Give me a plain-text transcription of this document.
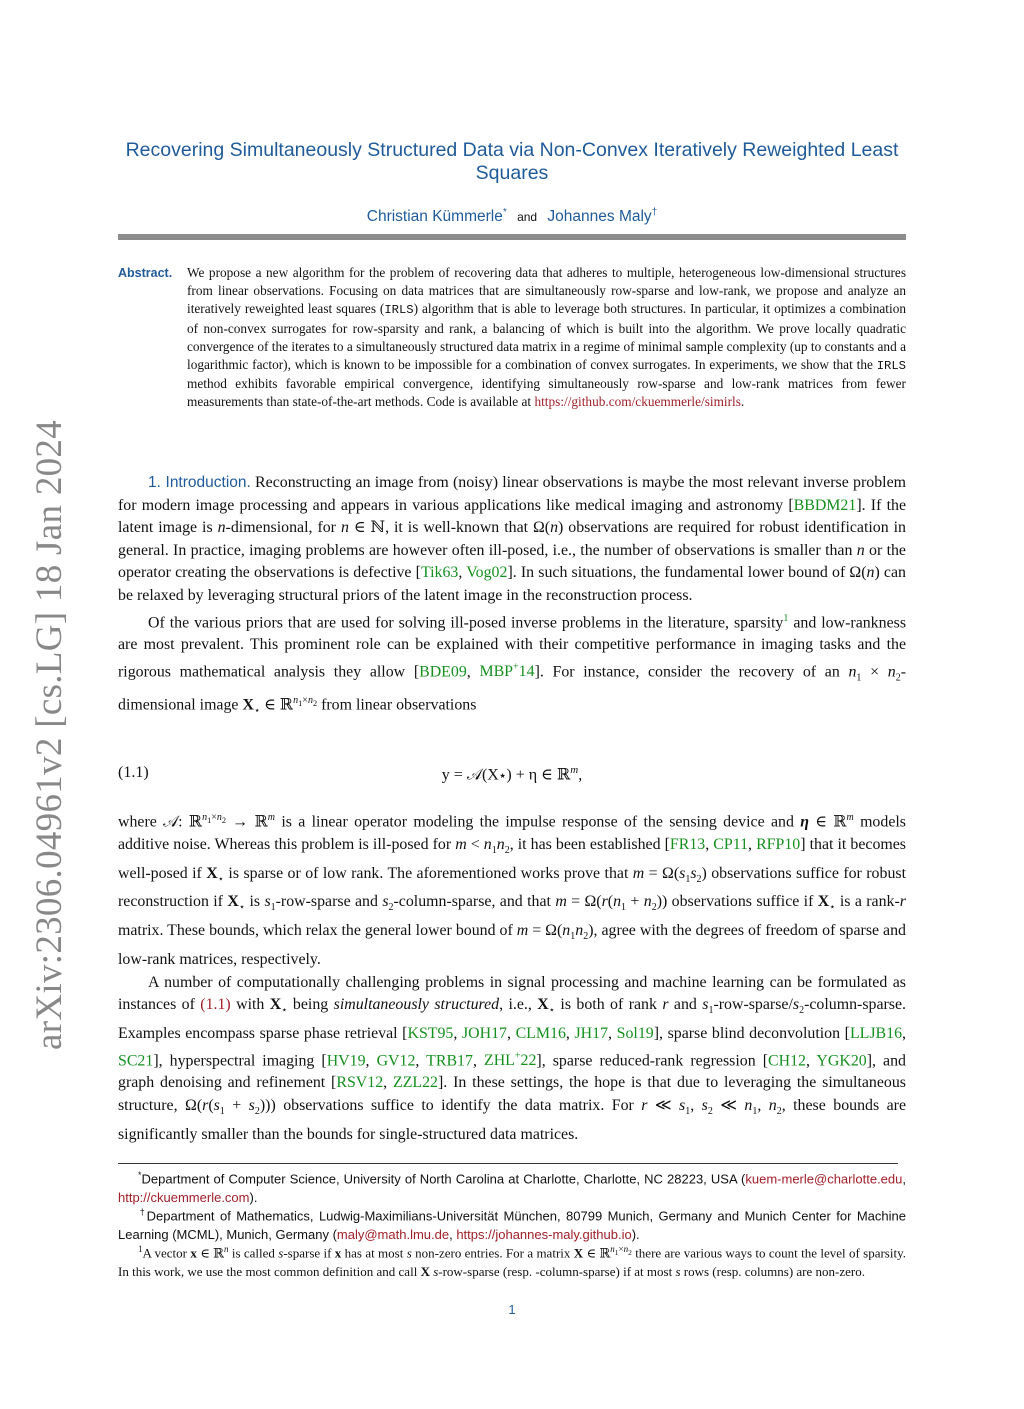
arXiv:2306.04961v2 [cs.LG] 18 Jan 2024
Recovering Simultaneously Structured Data via Non-Convex Iteratively Reweighted Least Squares
Christian Kümmerle* and Johannes Maly†
Abstract.	We propose a new algorithm for the problem of recovering data that adheres to multiple, heterogeneous low-dimensional structures from linear observations. Focusing on data matrices that are simultaneously row-sparse and low-rank, we propose and analyze an iteratively reweighted least squares (IRLS) algorithm that is able to leverage both structures. In particular, it optimizes a combination of non-convex surrogates for row-sparsity and rank, a balancing of which is built into the algorithm. We prove locally quadratic convergence of the iterates to a simultaneously structured data matrix in a regime of minimal sample complexity (up to constants and a logarithmic factor), which is known to be impossible for a combination of convex surrogates. In experiments, we show that the IRLS method exhibits favorable empirical convergence, identifying simultaneously row-sparse and low-rank matrices from fewer measurements than state-of-the-art methods. Code is available at https://github.com/ckuemmerle/simirls.
1. Introduction. Reconstructing an image from (noisy) linear observations is maybe the most relevant inverse problem for modern image processing and appears in various applications like medical imaging and astronomy [BBDM21]. If the latent image is n-dimensional, for n ∈ ℕ, it is well-known that Ω(n) observations are required for robust identification in general. In practice, imaging problems are however often ill-posed, i.e., the number of observations is smaller than n or the operator creating the observations is defective [Tik63, Vog02]. In such situations, the fundamental lower bound of Ω(n) can be relaxed by leveraging structural priors of the latent image in the reconstruction process.
Of the various priors that are used for solving ill-posed inverse problems in the literature, sparsity$^1$ and low-rankness are most prevalent. This prominent role can be explained with their competitive performance in imaging tasks and the rigorous mathematical analysis they allow [BDE09, MBP+14]. For instance, consider the recovery of an $n_1$ × $n_2$-dimensional image $X_⋆$ ∈ ℝ$^{n_1\times n_2}$ from linear observations
(1.1)	y = 𝒜(X⋆) + η ∈ ℝ$^m$,
where 𝒜: ℝ$^{n_1\times n_2}$ → ℝ$^m$ is a linear operator modeling the impulse response of the sensing device and η ∈ ℝ$^m$ models additive noise. Whereas this problem is ill-posed for $m < n_1n_2$, it has been established [FR13, CP11, RFP10] that it becomes well-posed if $X_⋆$ is sparse or of low rank. The aforementioned works prove that $m = \Omega(s_1s_2)$ observations suffice for robust reconstruction if $X_⋆$ is $s_1-row$-sparse and $s_2-column$-sparse, and that $m = \Omega(r(n_1 + n_2))$ observations suffice if $X_⋆$ is a rank-r matrix. These bounds, which relax the general lower bound of $m = \Omega(n_1n_2)$, agree with the degrees of freedom of sparse and low-rank matrices, respectively.
A number of computationally challenging problems in signal processing and machine learning can be formulated as instances of (1.1) with $X_⋆$ being simultaneously structured, i.e., $X_⋆$ is both of rank r and $s_1-row-sparse/s_2-column$-sparse. Examples encompass sparse phase retrieval [KST95, JOH17, CLM16, JH17, Sol19], sparse blind deconvolution [LLJB16, SC21], hyperspectral imaging [HV19, GV12, TRB17, ZHL+22], sparse reduced-rank regression [CH12, YGK20], and graph denoising and refinement [RSV12, ZZL22]. In these settings, the hope is that due to leveraging the simultaneous structure, $\Omega(r(s_1 + s_2))$) observations suffice to identify the data matrix. For r ≪ $s_1$, $s_2$ ≪ $n_1$, $n_2$, these bounds are significantly smaller than the bounds for single-structured data matrices.
*Department of Computer Science, University of North Carolina at Charlotte, Charlotte, NC 28223, USA (kuem-merle@charlotte.edu, http://ckuemmerle.com).
†Department of Mathematics, Ludwig-Maximilians-Universität München, 80799 Munich, Germany and Munich Center for Machine Learning (MCML), Munich, Germany (maly@math.lmu.de, https://johannes-maly.github.io).
$^1$A vector x ∈ ℝ$^n$ is called s-sparse if x has at most s non-zero entries. For a matrix X ∈ ℝ$^{n_1\times n_2}$ there are various ways to count the level of sparsity. In this work, we use the most common definition and call X s-row-sparse (resp. -column-sparse) if at most s rows (resp. columns) are non-zero.
1
